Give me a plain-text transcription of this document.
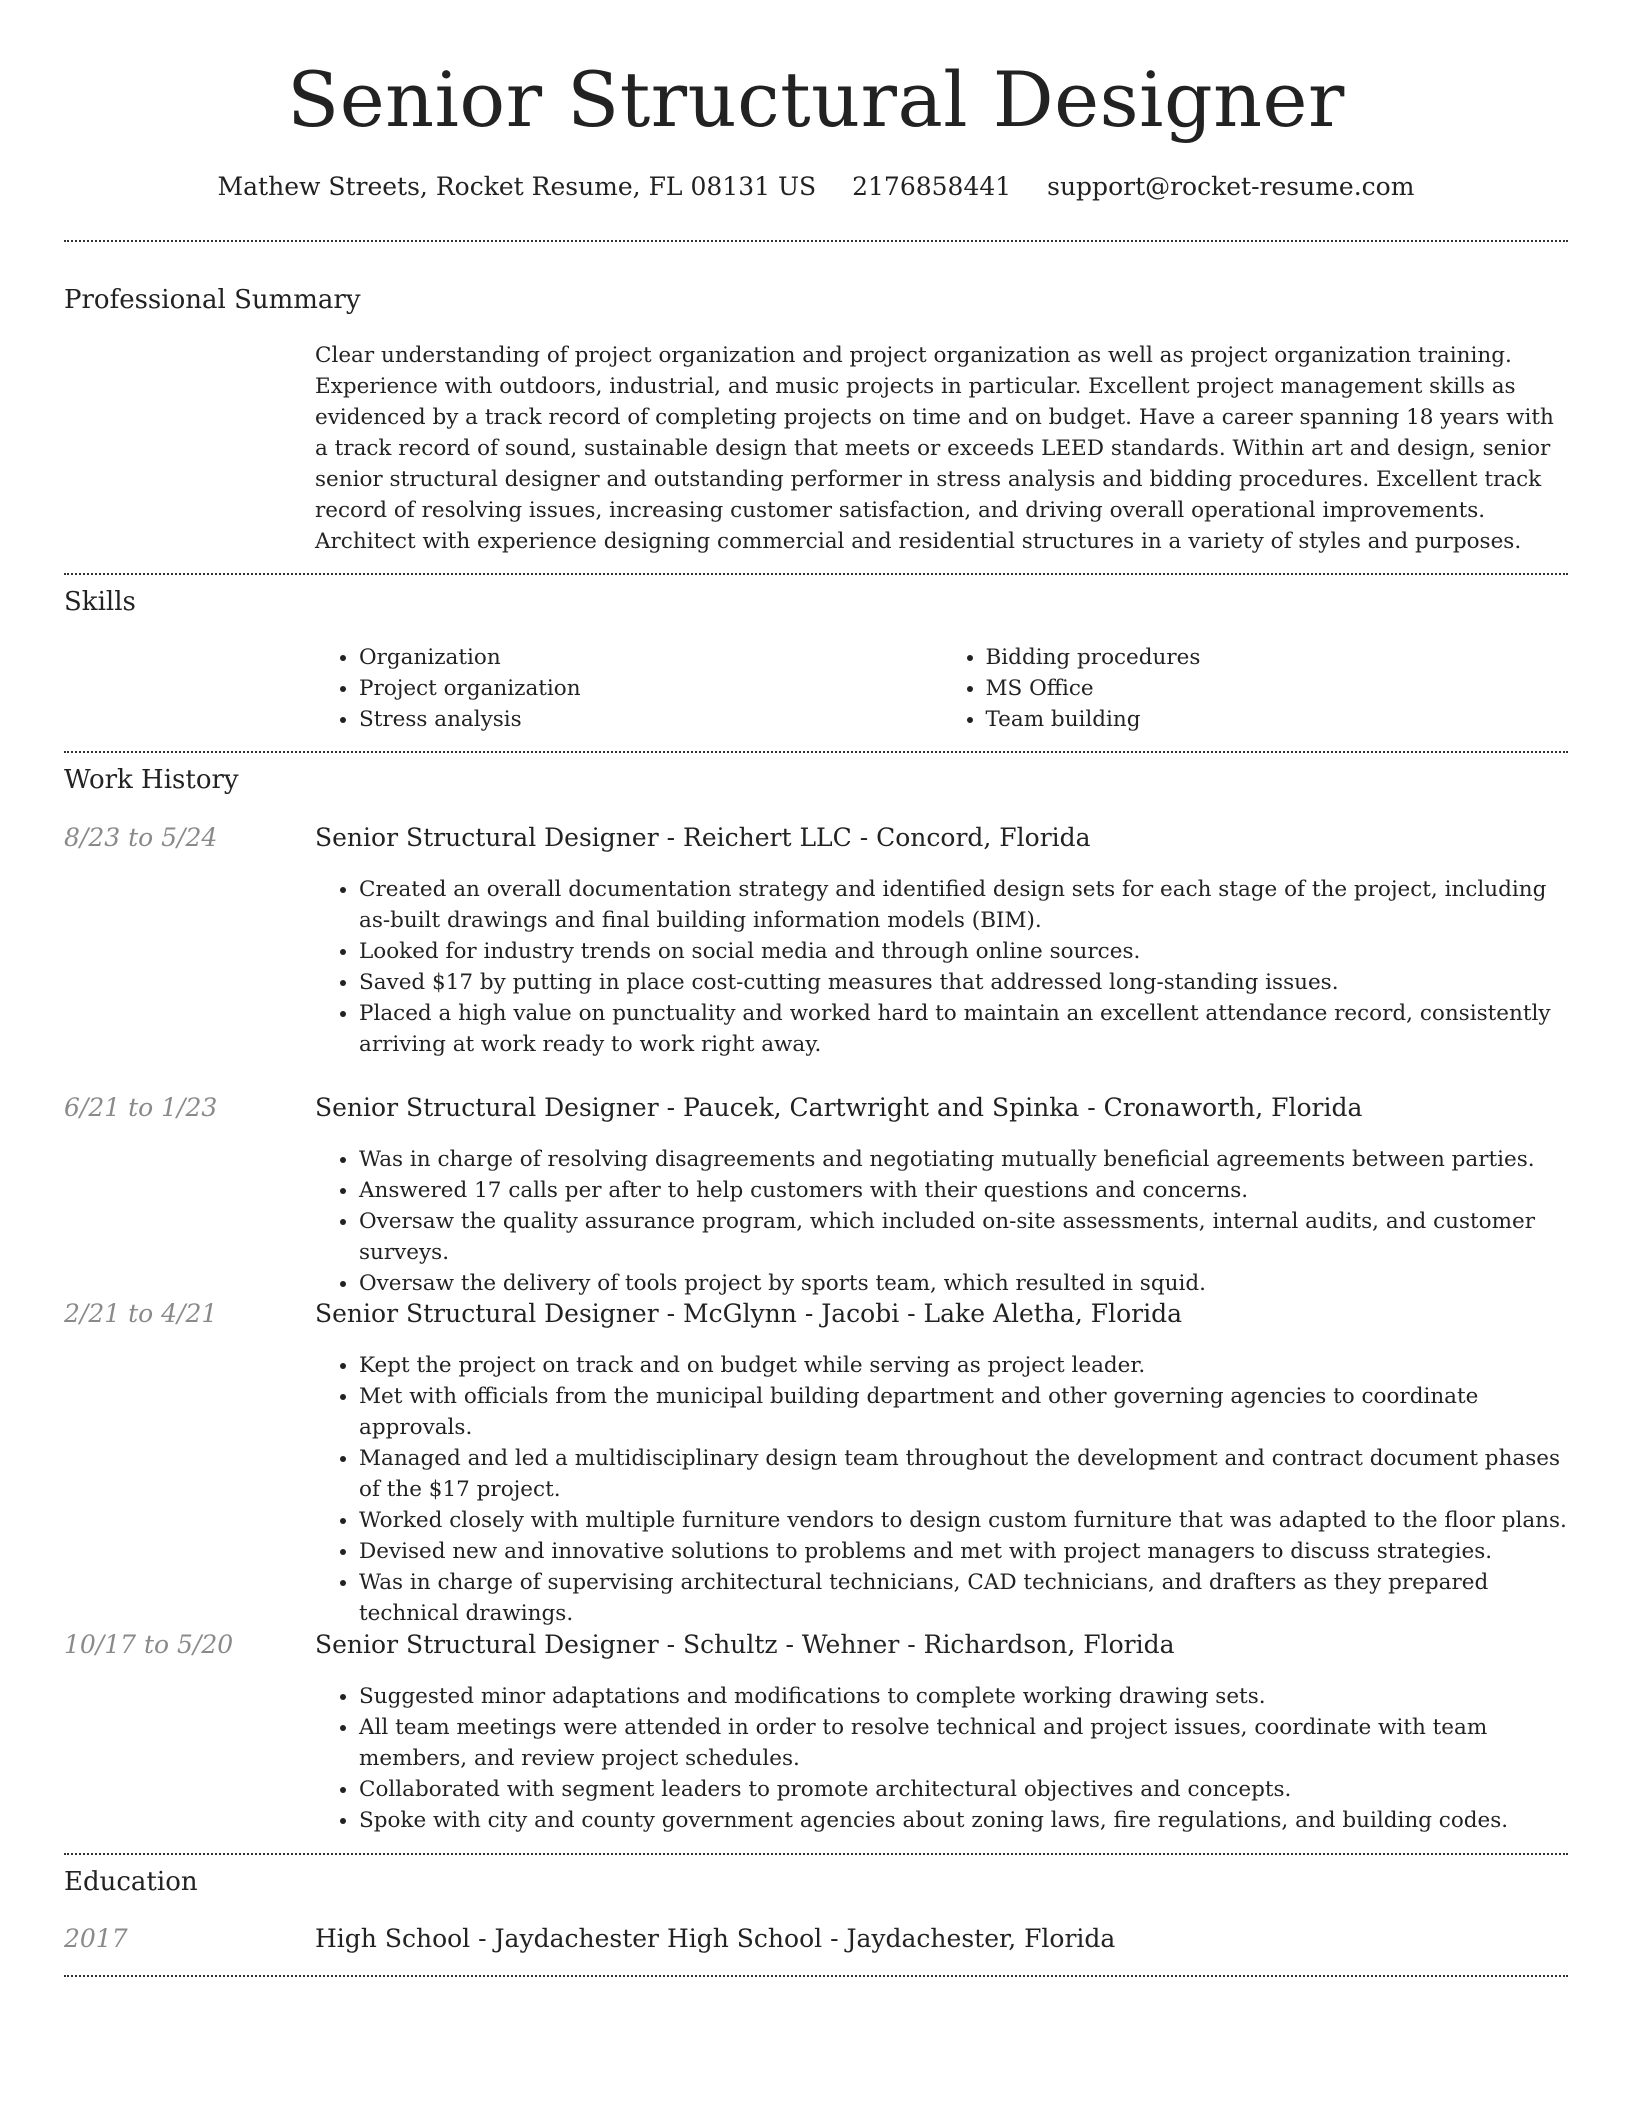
Senior Structural Designer
Mathew Streets, Rocket Resume, FL 08131 US 2176858441 support@rocket-resume.com
Professional Summary
Clear understanding of project organization and project organization as well as project organization training. Experience with outdoors, industrial, and music projects in particular. Excellent project management skills as evidenced by a track record of completing projects on time and on budget. Have a career spanning 18 years with a track record of sound, sustainable design that meets or exceeds LEED standards. Within art and design, senior senior structural designer and outstanding performer in stress analysis and bidding procedures. Excellent track record of resolving issues, increasing customer satisfaction, and driving overall operational improvements. Architect with experience designing commercial and residential structures in a variety of styles and purposes.
Skills
• Organization
• Project organization
• Stress analysis
• Bidding procedures
• MS Office
• Team building
Work History
8/23 to 5/24	Senior Structural Designer - Reichert LLC - Concord, Florida
• Created an overall documentation strategy and identified design sets for each stage of the project, including as-built drawings and final building information models (BIM).
• Looked for industry trends on social media and through online sources.
• Saved $17 by putting in place cost-cutting measures that addressed long-standing issues.
• Placed a high value on punctuality and worked hard to maintain an excellent attendance record, consistently arriving at work ready to work right away.
6/21 to 1/23	Senior Structural Designer - Paucek, Cartwright and Spinka - Cronaworth, Florida
• Was in charge of resolving disagreements and negotiating mutually beneficial agreements between parties.
• Answered 17 calls per after to help customers with their questions and concerns.
• Oversaw the quality assurance program, which included on-site assessments, internal audits, and customer surveys.
• Oversaw the delivery of tools project by sports team, which resulted in squid.
2/21 to 4/21	Senior Structural Designer - McGlynn - Jacobi - Lake Aletha, Florida
• Kept the project on track and on budget while serving as project leader.
• Met with officials from the municipal building department and other governing agencies to coordinate approvals.
• Managed and led a multidisciplinary design team throughout the development and contract document phases of the $17 project.
• Worked closely with multiple furniture vendors to design custom furniture that was adapted to the floor plans.
• Devised new and innovative solutions to problems and met with project managers to discuss strategies.
• Was in charge of supervising architectural technicians, CAD technicians, and drafters as they prepared technical drawings.
10/17 to 5/20	Senior Structural Designer - Schultz - Wehner - Richardson, Florida
• Suggested minor adaptations and modifications to complete working drawing sets.
• All team meetings were attended in order to resolve technical and project issues, coordinate with team members, and review project schedules.
• Collaborated with segment leaders to promote architectural objectives and concepts.
• Spoke with city and county government agencies about zoning laws, fire regulations, and building codes.
Education
2017	High School - Jaydachester High School - Jaydachester, Florida
